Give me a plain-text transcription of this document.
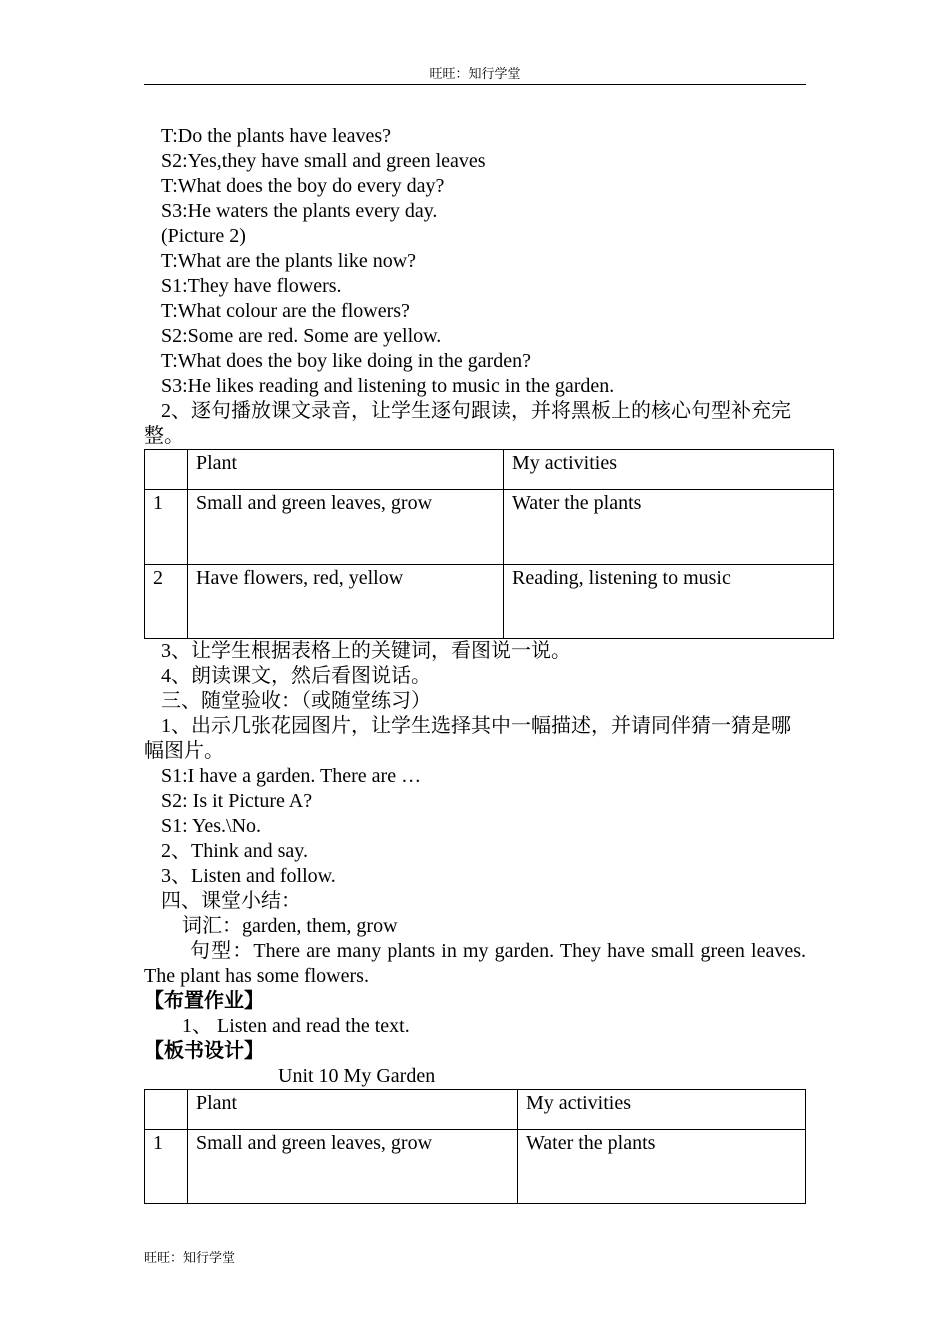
旺旺：知行学堂
T:Do the plants have leaves?
S2:Yes,they have small and green leaves
T:What does the boy do every day?
S3:He waters the plants every day.
(Picture 2)
T:What are the plants like now?
S1:They have flowers.
T:What colour are the flowers?
S2:Some are red. Some are yellow.
T:What does the boy like doing in the garden?
S3:He likes reading and listening to music in the garden.
2、逐句播放课文录音，让学生逐句跟读，并将黑板上的核心句型补充完整。
	Plant	My activities
1	Small and green leaves, grow	Water the plants
2	Have flowers, red, yellow	Reading, listening to music
3、让学生根据表格上的关键词，看图说一说。
4、朗读课文，然后看图说话。
三、随堂验收：（或随堂练习）
1、出示几张花园图片，让学生选择其中一幅描述，并请同伴猜一猜是哪幅图片。
S1:I have a garden. There are …
S2: Is it Picture A?
S1: Yes.\No.
2、Think and say.
3、Listen and follow.
四、课堂小结：
词汇：garden, them, grow
句型：There are many plants in my garden. They have small green leaves. The plant has some flowers.
【布置作业】
1、 Listen and read the text.
【板书设计】
Unit 10 My Garden
	Plant	My activities
1	Small and green leaves, grow	Water the plants
旺旺：知行学堂
